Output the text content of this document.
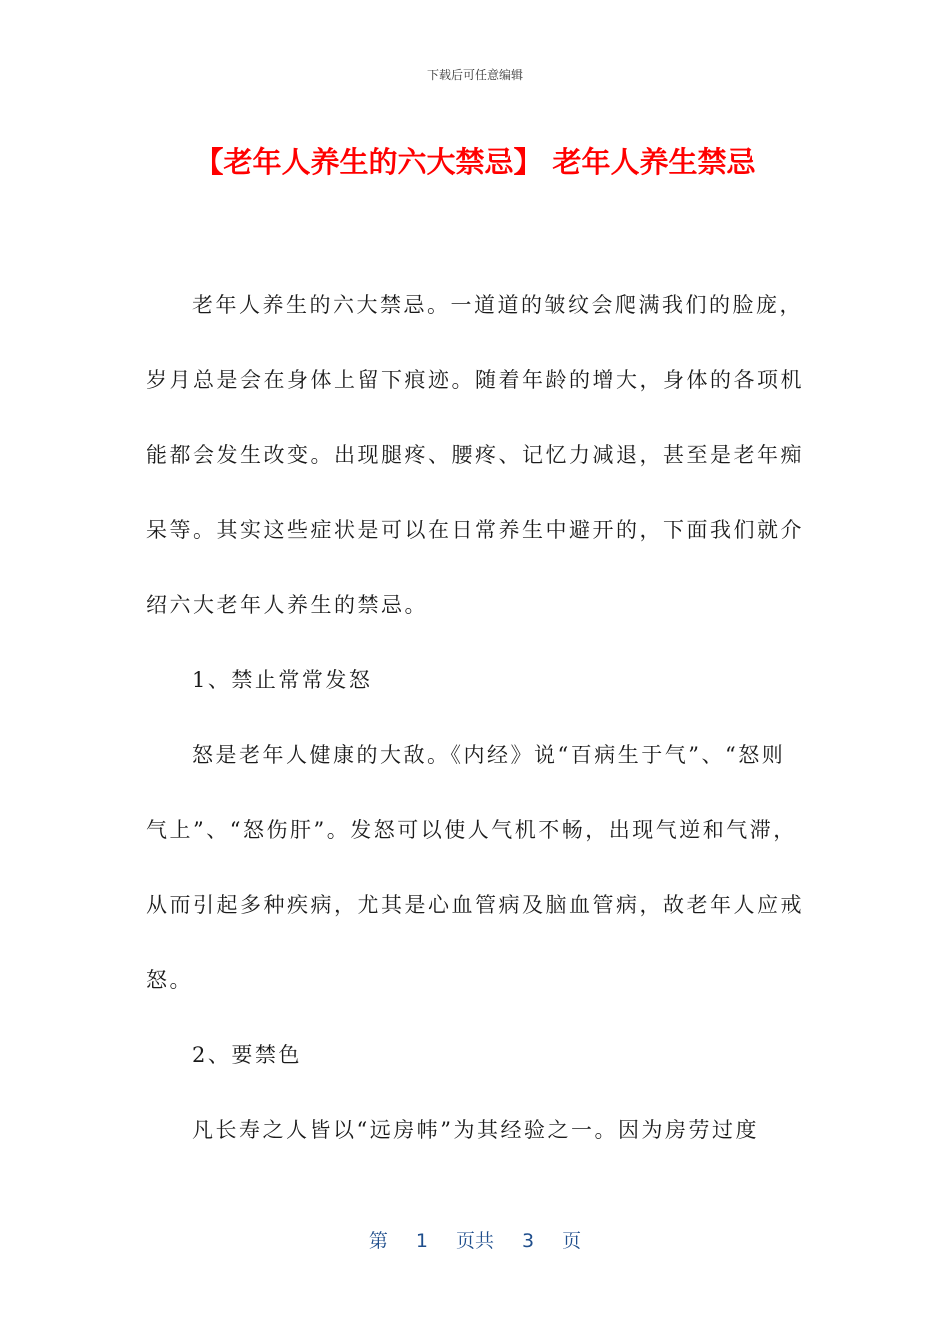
下载后可任意编辑
【老年人养生的六大禁忌】 老年人养生禁忌

老年人养生的六大禁忌。一道道的皱纹会爬满我们的脸庞，岁月总是会在身体上留下痕迹。随着年龄的增大，身体的各项机能都会发生改变。出现腿疼、腰疼、记忆力减退，甚至是老年痴呆等。其实这些症状是可以在日常养生中避开的，下面我们就介绍六大老年人养生的禁忌。

1、禁止常常发怒

怒是老年人健康的大敌。《内经》说“百病生于气”、“怒则气上”、“怒伤肝”。发怒可以使人气机不畅，出现气逆和气滞，从而引起多种疾病，尤其是心血管病及脑血管病，故老年人应戒怒。

2、要禁色

凡长寿之人皆以“远房帏”为其经验之一。因为房劳过度

第 1 页共 3 页
